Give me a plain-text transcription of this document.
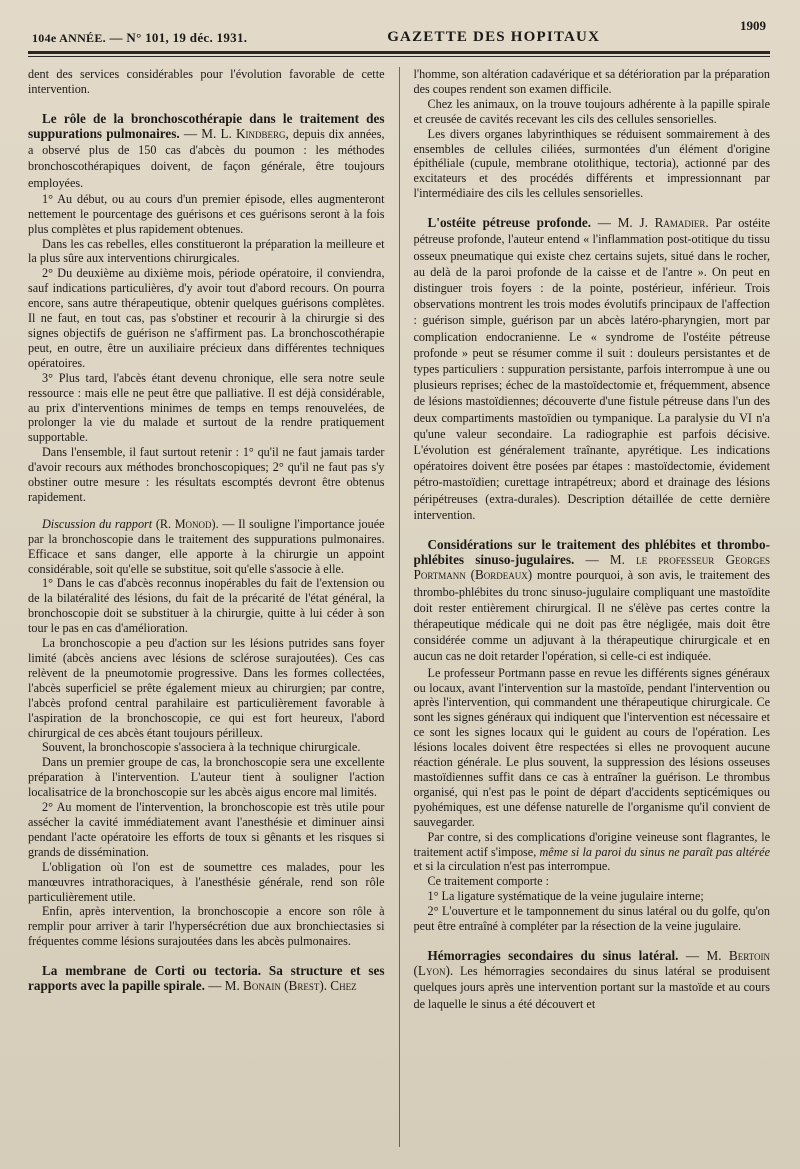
104e ANNÉE. — N° 101, 19 déc. 1931.	GAZETTE DES HOPITAUX
1909

dent des services considérables pour l'évolution favorable de cette intervention.

Le rôle de la bronchoscothérapie dans le traitement des suppurations pulmonaires. — M. L. Kindberg, depuis dix années, a observé plus de 150 cas d'abcès du poumon : les méthodes bronchoscothérapiques doivent, de façon générale, être toujours employées.

1° Au début, ou au cours d'un premier épisode, elles augmenteront nettement le pourcentage des guérisons et ces guérisons seront à la fois plus complètes et plus rapidement obtenues.

Dans les cas rebelles, elles constitueront la préparation la meilleure et la plus sûre aux interventions chirurgicales.

2° Du deuxième au dixième mois, période opératoire, il conviendra, sauf indications particulières, d'y avoir tout d'abord recours. On pourra encore, sans autre thérapeutique, obtenir quelques guérisons complètes. Il ne faut, en tout cas, pas s'obstiner et recourir à la chirurgie si des signes objectifs de guérison ne s'affirment pas. La bronchoscothérapie peut, en outre, être un auxiliaire précieux dans différentes techniques opératoires.

3° Plus tard, l'abcès étant devenu chronique, elle sera notre seule ressource : mais elle ne peut être que palliative. Il est déjà considérable, au prix d'interventions minimes de temps en temps renouvelées, de prolonger la vie du malade et surtout de la rendre pratiquement supportable.

Dans l'ensemble, il faut surtout retenir : 1° qu'il ne faut jamais tarder d'avoir recours aux méthodes bronchoscopiques; 2° qu'il ne faut pas s'y obstiner outre mesure : les résultats escomptés devront être obtenus rapidement.

Discussion du rapport (R. Monod). — Il souligne l'importance jouée par la bronchoscopie dans le traitement des suppurations pulmonaires. Efficace et sans danger, elle apporte à la chirurgie un appoint considérable, soit qu'elle se substitue, soit qu'elle s'associe à elle.

1° Dans le cas d'abcès reconnus inopérables du fait de l'extension ou de la bilatéralité des lésions, du fait de la précarité de l'état général, la bronchoscopie doit se substituer à la chirurgie, quitte à lui céder à son tour le pas en cas d'amélioration.

La bronchoscopie a peu d'action sur les lésions putrides sans foyer limité (abcès anciens avec lésions de sclérose surajoutées). Ces cas relèvent de la pneumotomie progressive. Dans les formes collectées, l'abcès superficiel se prête également mieux au chirurgien; par contre, l'abcès profond central parahilaire est particulièrement favorable à l'aspiration de la bronchoscopie, ce qui est fort heureux, l'abord chirurgical de ces abcès étant toujours périlleux.

Souvent, la bronchoscopie s'associera à la technique chirurgicale.

Dans un premier groupe de cas, la bronchoscopie sera une excellente préparation à l'intervention. L'auteur tient à souligner l'action localisatrice de la bronchoscopie sur les abcès aigus encore mal limités.

2° Au moment de l'intervention, la bronchoscopie est très utile pour assécher la cavité immédiatement avant l'anesthésie et diminuer ainsi pendant l'acte opératoire les efforts de toux si gênants et les risques si grands de dissémination.

L'obligation où l'on est de soumettre ces malades, pour les manœuvres intrathoraciques, à l'anesthésie générale, rend son rôle particulièrement utile.

Enfin, après intervention, la bronchoscopie a encore son rôle à remplir pour arriver à tarir l'hypersécrétion due aux bronchiectasies si fréquentes comme lésions surajoutées dans les abcès pulmonaires.

La membrane de Corti ou tectoria. Sa structure et ses rapports avec la papille spirale. — M. Bonain (Brest). Chez

l'homme, son altération cadavérique et sa détérioration par la préparation des coupes rendent son examen difficile.

Chez les animaux, on la trouve toujours adhérente à la papille spirale et creusée de cavités recevant les cils des cellules sensorielles.

Les divers organes labyrinthiques se réduisent sommairement à des ensembles de cellules ciliées, surmontées d'un élément d'origine épithéliale (cupule, membrane otolithique, tectoria), actionné par des excitateurs et des procédés différents et impressionnant par l'intermédiaire des cils les cellules sensorielles.

L'ostéite pétreuse profonde. — M. J. Ramadier. Par ostéite pétreuse profonde, l'auteur entend « l'inflammation post-otitique du tissu osseux pneumatique qui existe chez certains sujets, situé dans le rocher, au delà de la paroi profonde de la caisse et de l'antre ». On peut en distinguer trois foyers : de la pointe, postérieur, inférieur. Trois observations montrent les trois modes évolutifs principaux de l'affection : guérison simple, guérison par un abcès latéro-pharyngien, mort par complication endocranienne. Le « syndrome de l'ostéite pétreuse profonde » peut se résumer comme il suit : douleurs persistantes et de types particuliers : suppuration persistante, parfois interrompue à une ou plusieurs reprises; échec de la mastoïdectomie et, fréquemment, absence de lésions mastoïdiennes; découverte d'une fistule pétreuse dans l'un des deux compartiments mastoïdien ou tympanique. La paralysie du VI n'a qu'une valeur secondaire. La radiographie est parfois décisive. L'évolution est généralement traînante, apyrétique. Les indications opératoires doivent être posées par étapes : mastoïdectomie, évidement pétro-mastoïdien; curettage intrapétreux; abord et drainage des lésions péripétreuses (extra-durales). Description détaillée de cette dernière intervention.
Considérations sur le traitement des phlébites et thrombo-phlébites sinuso-jugulaires. — M. le professeur Georges Portmann (Bordeaux) montre pourquoi, à son avis, le traitement des thrombo-phlébites du tronc sinuso-jugulaire compliquant une mastoïdite doit rester entièrement chirurgical. Il ne s'élève pas certes contre la thérapeutique médicale qui ne doit pas être négligée, mais doit être considérée comme un adjuvant à la thérapeutique chirurgicale et en aucun cas ne doit retarder l'opération, si celle-ci est indiquée.

Le professeur Portmann passe en revue les différents signes généraux ou locaux, avant l'intervention sur la mastoïde, pendant l'intervention ou après l'intervention, qui commandent une thérapeutique chirurgicale. Ce sont les signes généraux qui indiquent que l'intervention est nécessaire et ce sont les signes locaux qui le guident au cours de l'opération. Les lésions locales doivent être respectées si elles ne provoquent aucune réaction générale. Le plus souvent, la suppression des lésions osseuses mastoïdiennes suffit dans ce cas à entraîner la guérison. Le thrombus organisé, qui n'est pas le point de départ d'accidents septicémiques ou pyohémiques, est une défense naturelle de l'organisme qu'il convient de sauvegarder.

Par contre, si des complications d'origine veineuse sont flagrantes, le traitement actif s'impose, même si la paroi du sinus ne paraît pas altérée et si la circulation n'est pas interrompue.

Ce traitement comporte :

1° La ligature systématique de la veine jugulaire interne;

2° L'ouverture et le tamponnement du sinus latéral ou du golfe, qu'on peut être entraîné à compléter par la résection de la veine jugulaire.

Hémorragies secondaires du sinus latéral. — M. Bertoin (Lyon). Les hémorragies secondaires du sinus latéral se produisent quelques jours après une intervention portant sur la mastoïde et au cours de laquelle le sinus a été découvert et
